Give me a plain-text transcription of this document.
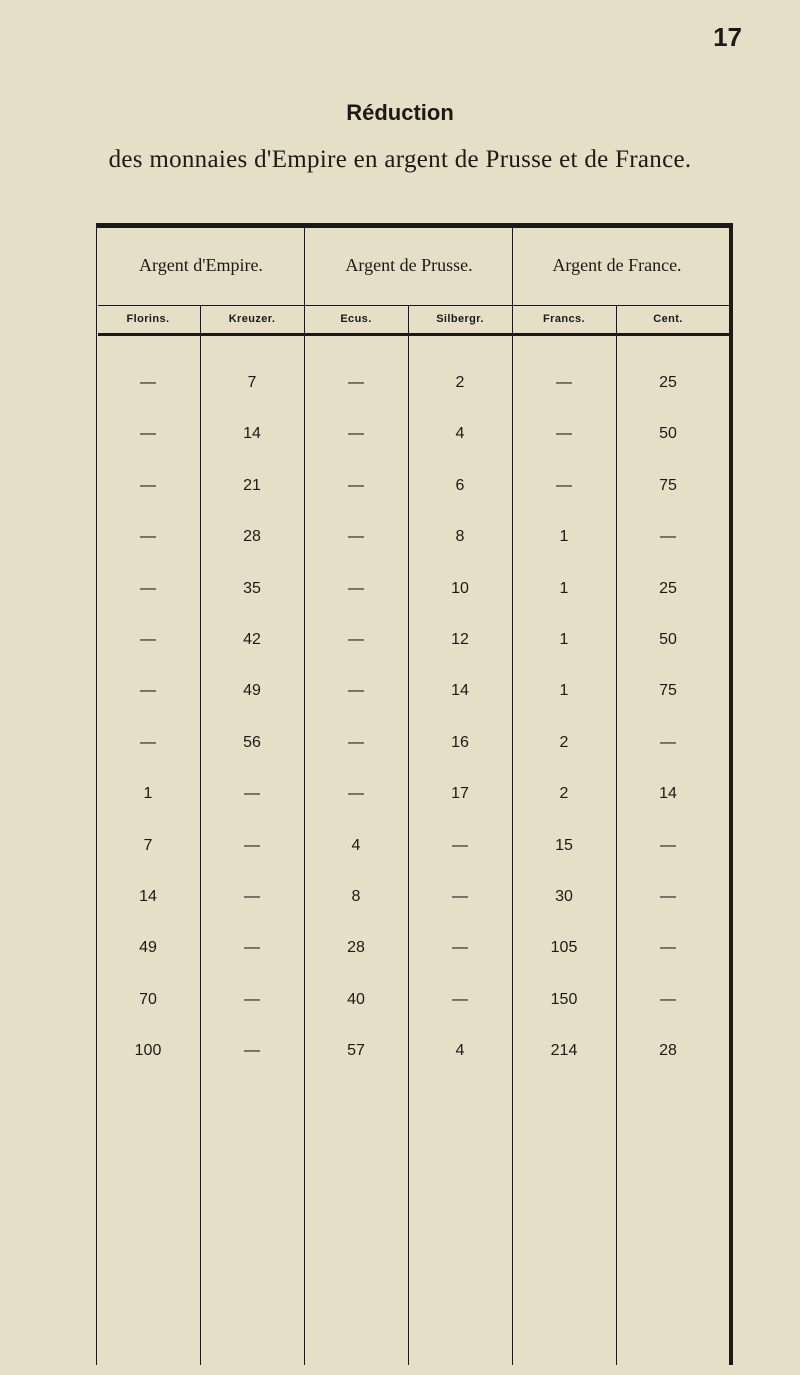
17
Réduction
des monnaies d'Empire en argent de Prusse et de France.
Argent d'Empire.	Argent de Prusse.	Argent de France.
Florins.	Kreuzer.	Ecus.	Silbergr.	Francs.	Cent.
—	7	—	2	—	25
—	14	—	4	—	50
—	21	—	6	—	75
—	28	—	8	1	—
—	35	—	10	1	25
—	42	—	12	1	50
—	49	—	14	1	75
—	56	—	16	2	—
1	—	—	17	2	14
7	—	4	—	15	—
14	—	8	—	30	—
49	—	28	—	105	—
70	—	40	—	150	—
100	—	57	4	214	28
